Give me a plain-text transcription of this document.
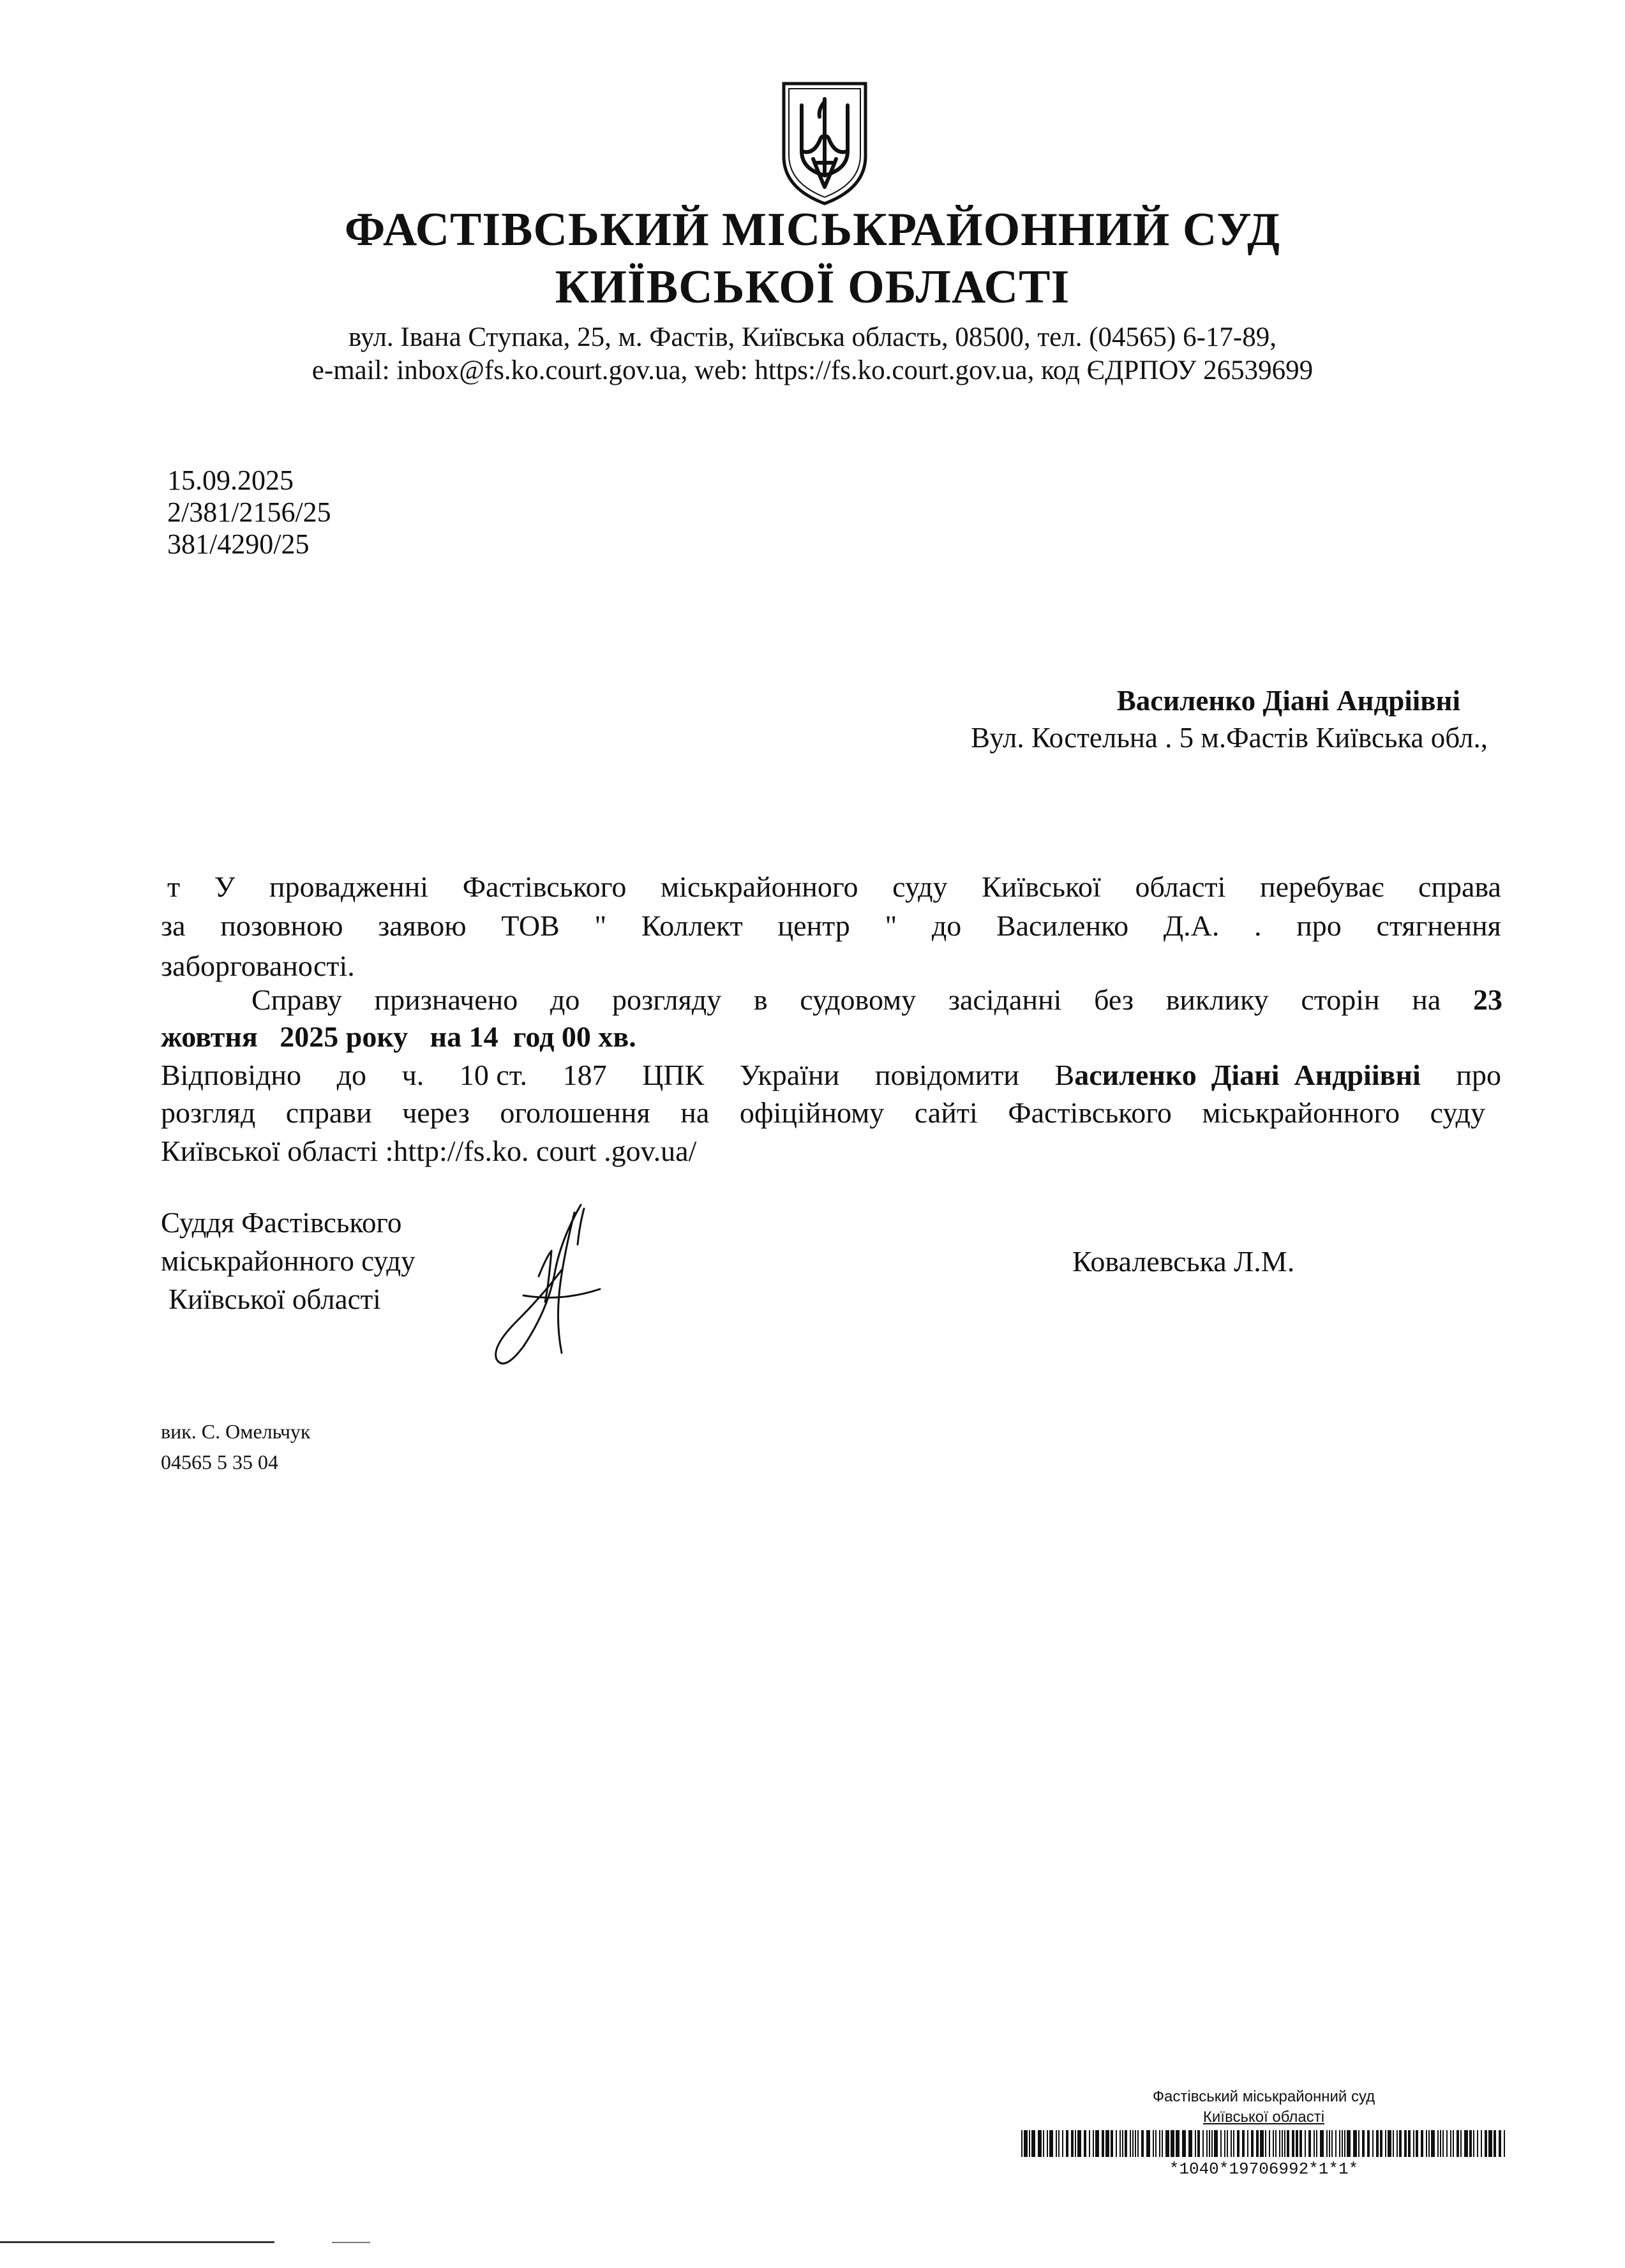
ФАСТІВСЬКИЙ МІСЬКРАЙОННИЙ СУД
КИЇВСЬКОЇ ОБЛАСТІ
вул. Івана Ступака, 25, м. Фастів, Київська область, 08500, тел. (04565) 6-17-89,
e-mail: inbox@fs.ko.court.gov.ua, web: https://fs.ko.court.gov.ua, код ЄДРПОУ 26539699
15.09.2025
2/381/2156/25
381/4290/25
Василенко Діані Андріівні
Вул. Костельна . 5 м.Фастів Київська обл.,
т У провадженні Фастівського міськрайонного суду Київської області перебуває справа
за позовною заявою ТОВ " Коллект центр " до Василенко Д.А. . про стягнення
заборгованості.
Справу призначено до розгляду в судовому засіданні без виклику сторін на 23
жовтня   2025 року   на 14  год 00 хв.
Відповідно до ч. 10 ст. 187 ЦПК України повідомити Василенко  Діані  Андріівні про
розгляд справи через оголошення на офіційному сайті Фастівського міськрайонного суду
Київської області :http://fs.ko. court .gov.ua/
Суддя Фастівського
міськрайонного суду
Київської області
Ковалевська Л.М.
вик. С. Омельчук
04565 5 35 04
Фастівський міськрайонний суд
Київської області
*1040*19706992*1*1*
